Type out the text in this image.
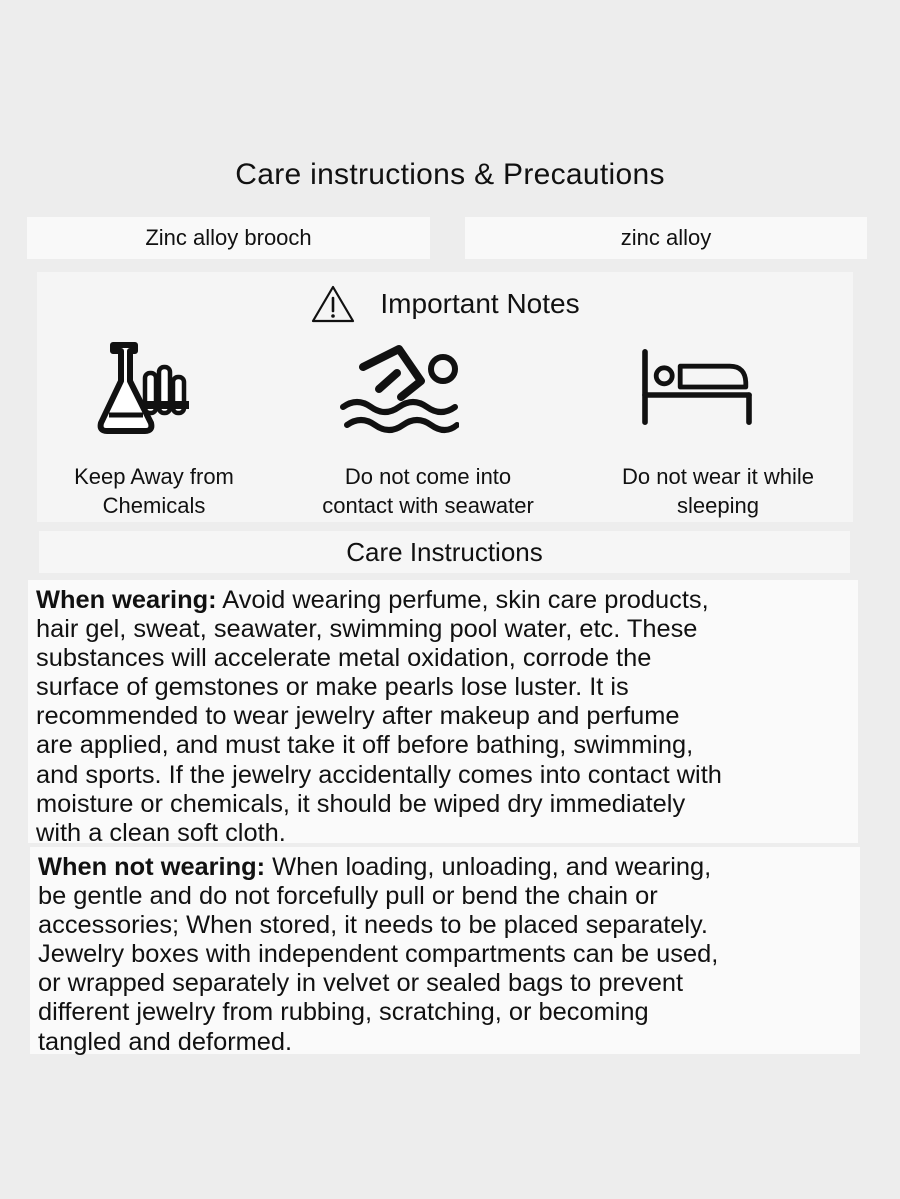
Care instructions & Precautions
Zinc alloy brooch	zinc alloy
Important Notes
Keep Away from
Chemicals
Do not come into
contact with seawater
Do not wear it while
sleeping
Care Instructions
When wearing: Avoid wearing perfume, skin care products,
hair gel, sweat, seawater, swimming pool water, etc. These
substances will accelerate metal oxidation, corrode the
surface of gemstones or make pearls lose luster. It is
recommended to wear jewelry after makeup and perfume
are applied, and must take it off before bathing, swimming,
and sports. If the jewelry accidentally comes into contact with
moisture or chemicals, it should be wiped dry immediately
with a clean soft cloth.
When not wearing: When loading, unloading, and wearing,
be gentle and do not forcefully pull or bend the chain or
accessories; When stored, it needs to be placed separately.
Jewelry boxes with independent compartments can be used,
or wrapped separately in velvet or sealed bags to prevent
different jewelry from rubbing, scratching, or becoming
tangled and deformed.
